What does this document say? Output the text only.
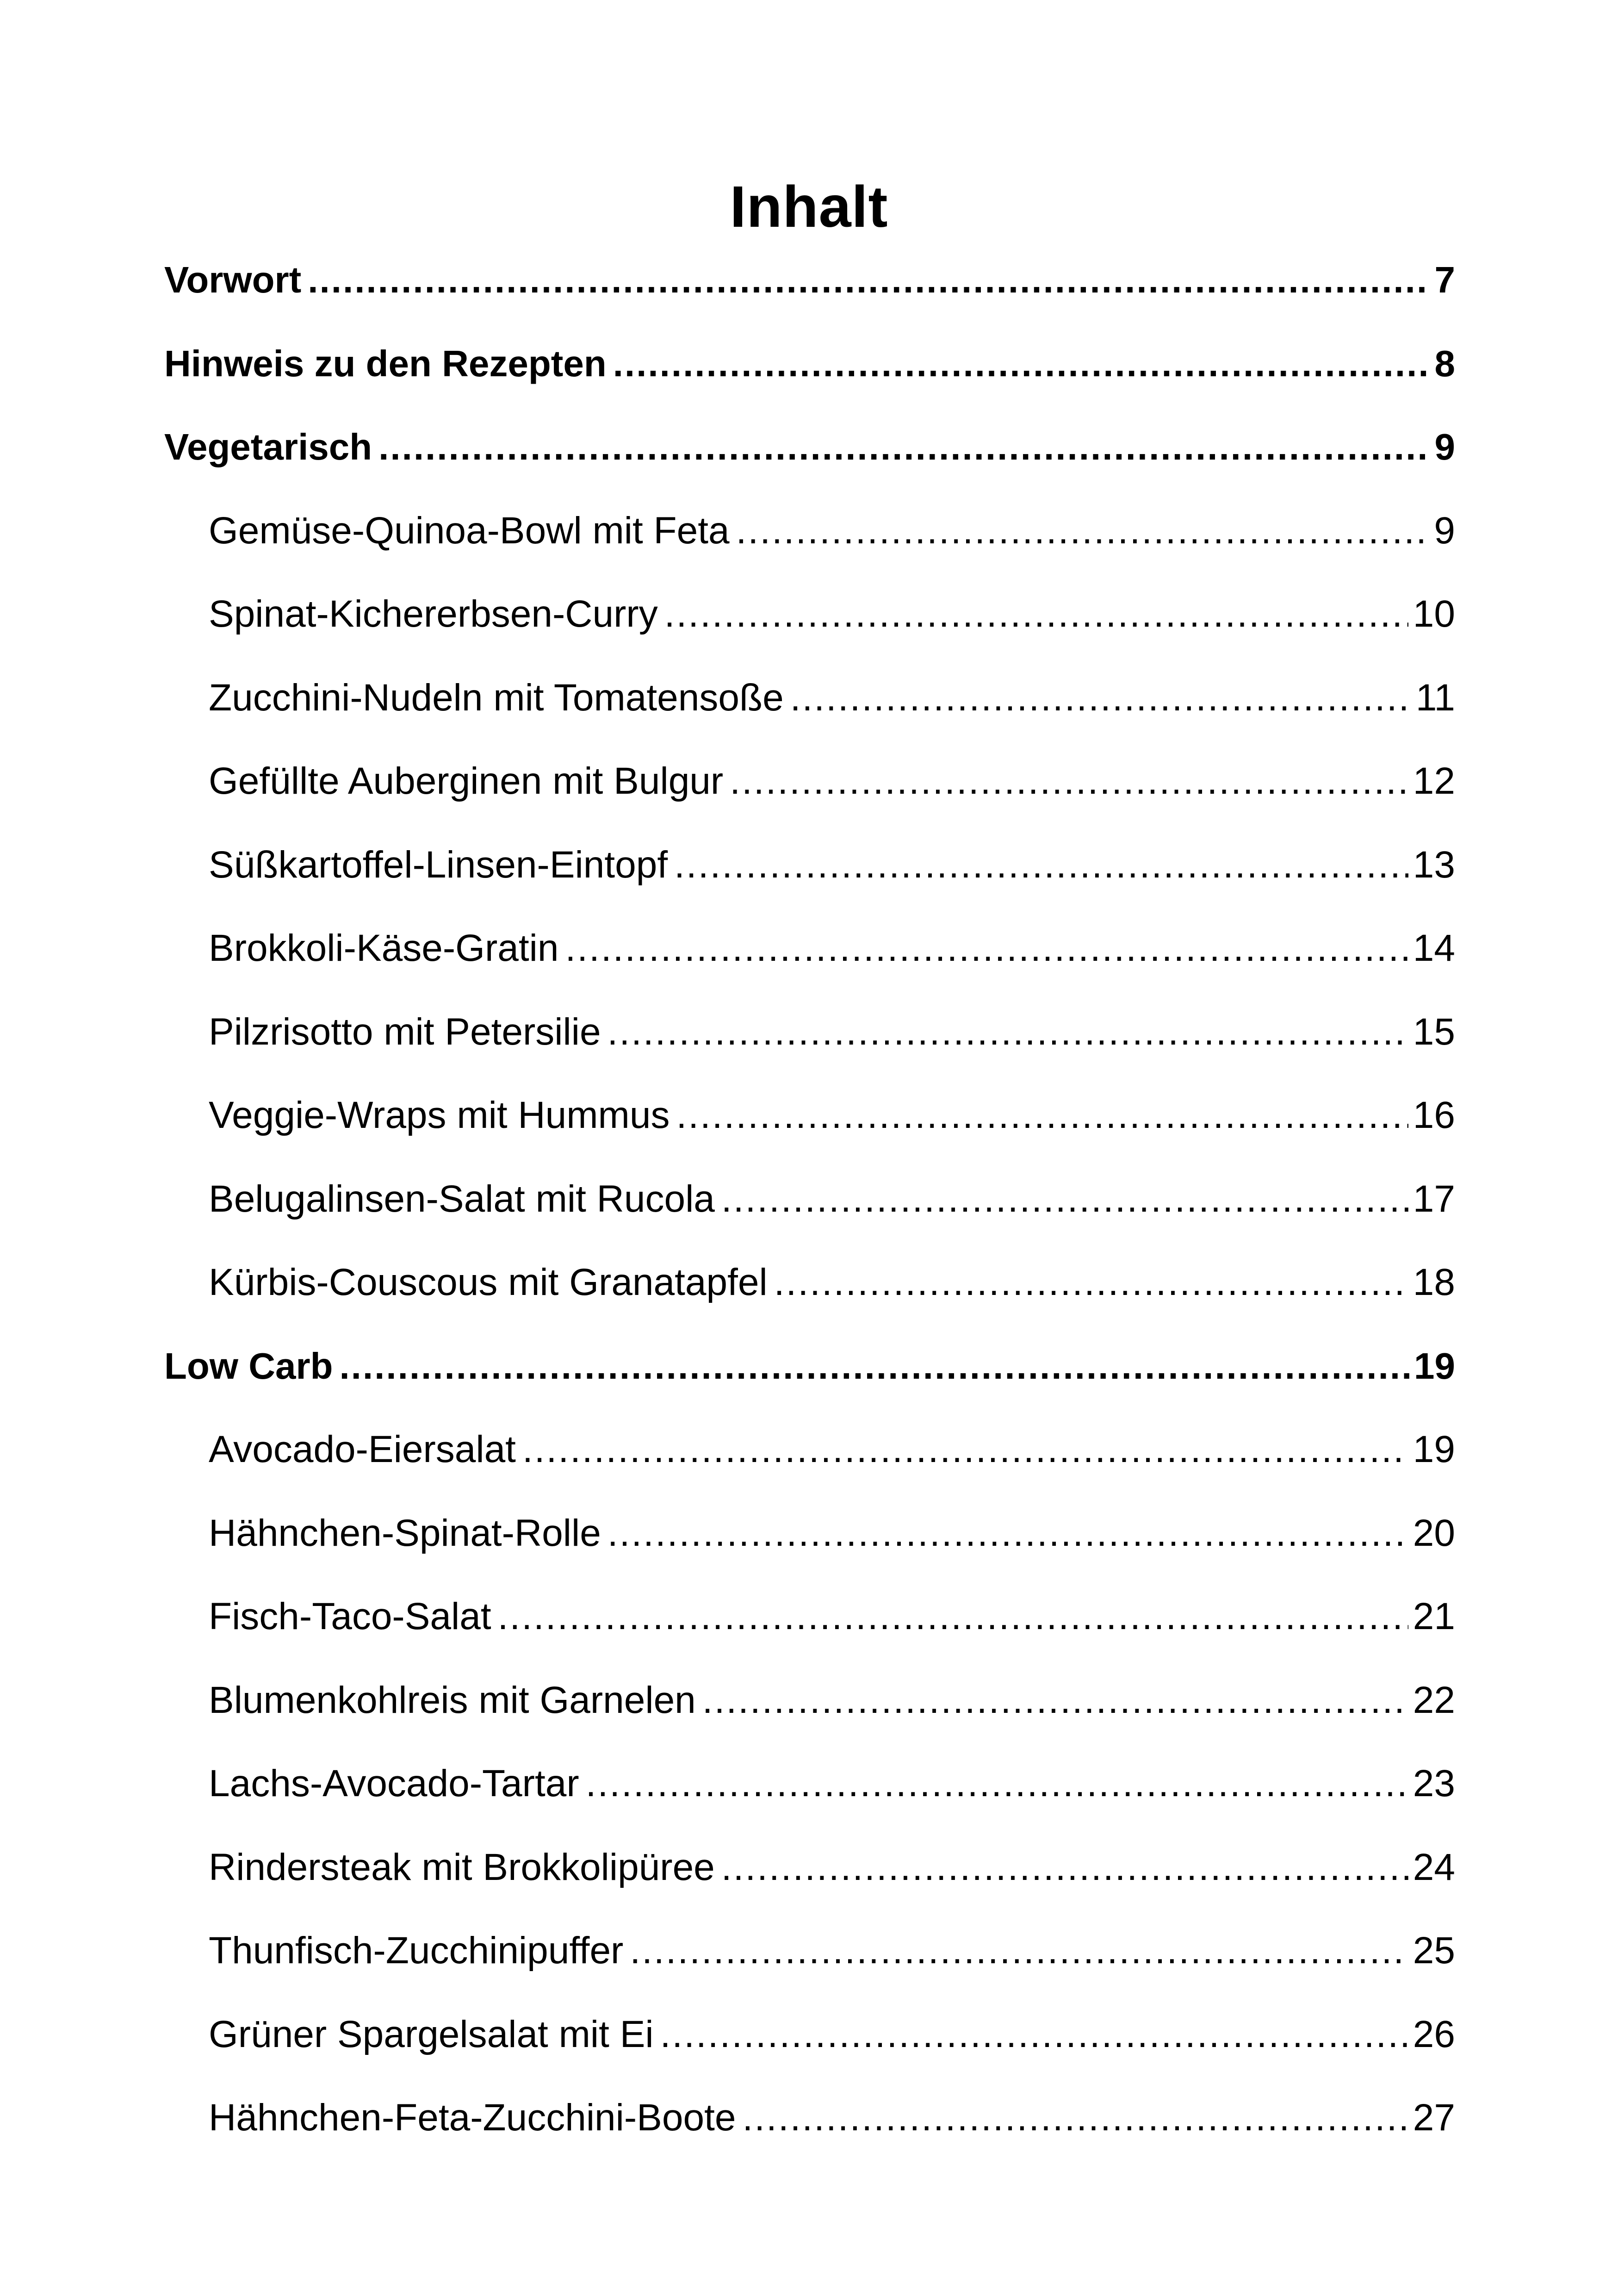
Inhalt
Vorwort .....	7
Hinweis zu den Rezepten .....	8
Vegetarisch .....	9
Gemüse-Quinoa-Bowl mit Feta .....	9
Spinat-Kichererbsen-Curry .....	10
Zucchini-Nudeln mit Tomatensoße .....	11
Gefüllte Auberginen mit Bulgur .....	12
Süßkartoffel-Linsen-Eintopf .....	13
Brokkoli-Käse-Gratin .....	14
Pilzrisotto mit Petersilie .....	15
Veggie-Wraps mit Hummus .....	16
Belugalinsen-Salat mit Rucola .....	17
Kürbis-Couscous mit Granatapfel .....	18
Low Carb .....	19
Avocado-Eiersalat .....	19
Hähnchen-Spinat-Rolle .....	20
Fisch-Taco-Salat .....	21
Blumenkohlreis mit Garnelen .....	22
Lachs-Avocado-Tartar .....	23
Rindersteak mit Brokkolipüree .....	24
Thunfisch-Zucchinipuffer .....	25
Grüner Spargelsalat mit Ei .....	26
Hähnchen-Feta-Zucchini-Boote .....	27
